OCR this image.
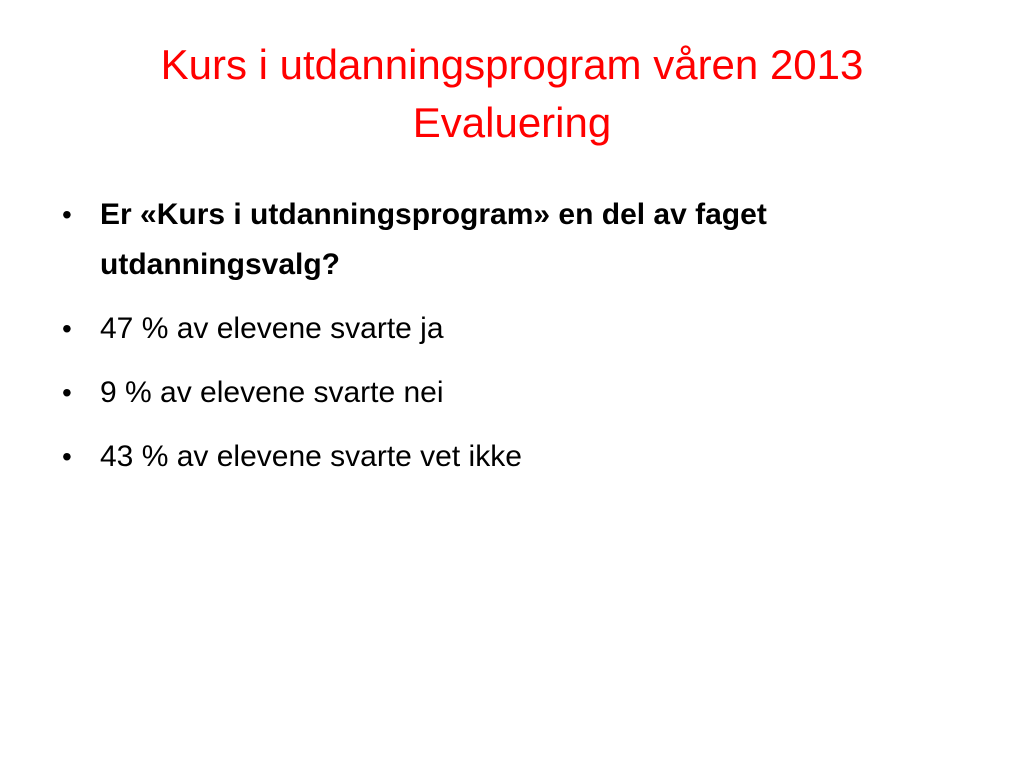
Kurs i utdanningsprogram våren 2013
Evaluering
• Er «Kurs i utdanningsprogram» en del av faget utdanningsvalg?
• 47 % av elevene svarte ja
• 9 % av elevene svarte nei
• 43 % av elevene svarte vet ikke
